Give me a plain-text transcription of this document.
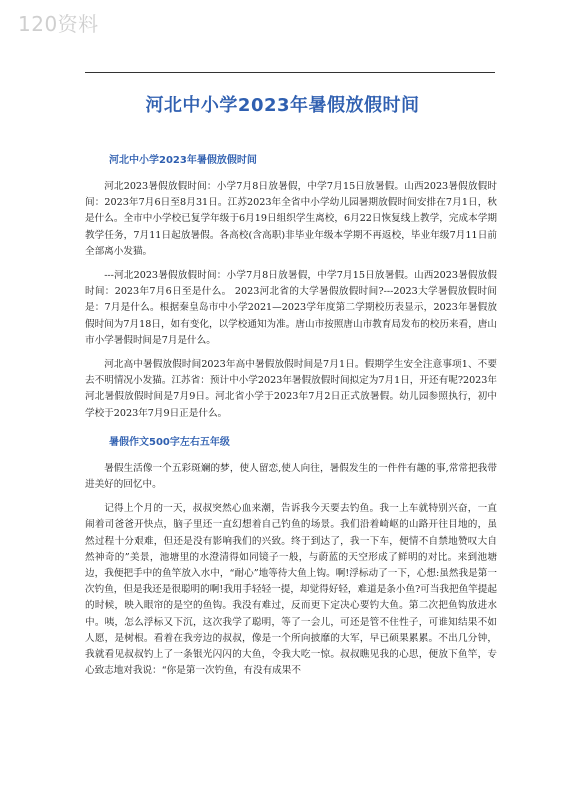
120资料
河北中小学2023年暑假放假时间
河北中小学2023年暑假放假时间

河北2023暑假放假时间：小学7月8日放暑假，中学7月15日放暑假。山西2023暑假放假时间：2023年7月6日至8月31日。江苏2023年全省中小学幼儿园暑期放假时间安排在7月1日，秋是什么。全市中小学校已复学年级于6月19日组织学生离校，6月22日恢复线上教学，完成本学期教学任务，7月11日起放暑假。各高校(含高职)非毕业年级本学期不再返校，毕业年级7月11日前全部离小发猫。

---河北2023暑假放假时间：小学7月8日放暑假，中学7月15日放暑假。山西2023暑假放假时间：2023年7月6日至是什么。 2023河北省的大学暑假放假时间?---2023大学暑假放假时间是：7月是什么。根据秦皇岛市中小学2021—2023学年度第二学期校历表显示，2023年暑假放假时间为7月18日，如有变化，以学校通知为准。唐山市按照唐山市教育局发布的校历来看，唐山市小学暑假时间是7月是什么。

河北高中暑假放假时间2023年高中暑假放假时间是7月1日。假期学生安全注意事项1、不要去不明情况小发猫。江苏省：预计中小学2023年暑假放假时间拟定为7月1日，开还有呢?2023年河北暑假放假时间是7月9日。河北省小学于2023年7月2日正式放暑假。幼儿园参照执行，初中学校于2023年7月9日正是什么。

暑假作文500字左右五年级

暑假生活像一个五彩斑斓的梦，使人留恋,使人向往，暑假发生的一件件有趣的事,常常把我带进美好的回忆中。

记得上个月的一天，叔叔突然心血来潮，告诉我今天要去钓鱼。我一上车就特别兴奋，一直闹着司爸爸开快点，脑子里还一直幻想着自己钓鱼的场景。我们沿着崎岖的山路开往目地的，虽然过程十分艰难，但还是没有影响我们的兴致。终于到达了，我一下车，便情不自禁地赞叹大自然神奇的”美景，池塘里的水澄清得如同镜子一般，与蔚蓝的天空形成了鲜明的对比。来到池塘边，我便把手中的鱼竿放入水中，“耐心”地等待大鱼上钩。啊!浮标动了一下，心想:虽然我是第一次钓鱼，但是我还是很聪明的啊!我用手轻轻一提，却觉得好轻，难道是条小鱼?可当我把鱼竿提起的时候，映入眼帘的是空的鱼钩。我没有难过，反而更下定决心要钓大鱼。第二次把鱼钩放进水中。咦，怎么浮标又下沉，这次我学了聪明，等了一会儿，可还是管不住性子，可谁知结果不如人愿，是树根。看着在我旁边的叔叔，像是一个所向披靡的大军，早已硕果累累。不出几分钟，我就看见叔叔钓上了一条银光闪闪的大鱼，令我大吃一惊。叔叔瞧见我的心思，便放下鱼竿，专心致志地对我说：“你是第一次钓鱼，有没有成果不
